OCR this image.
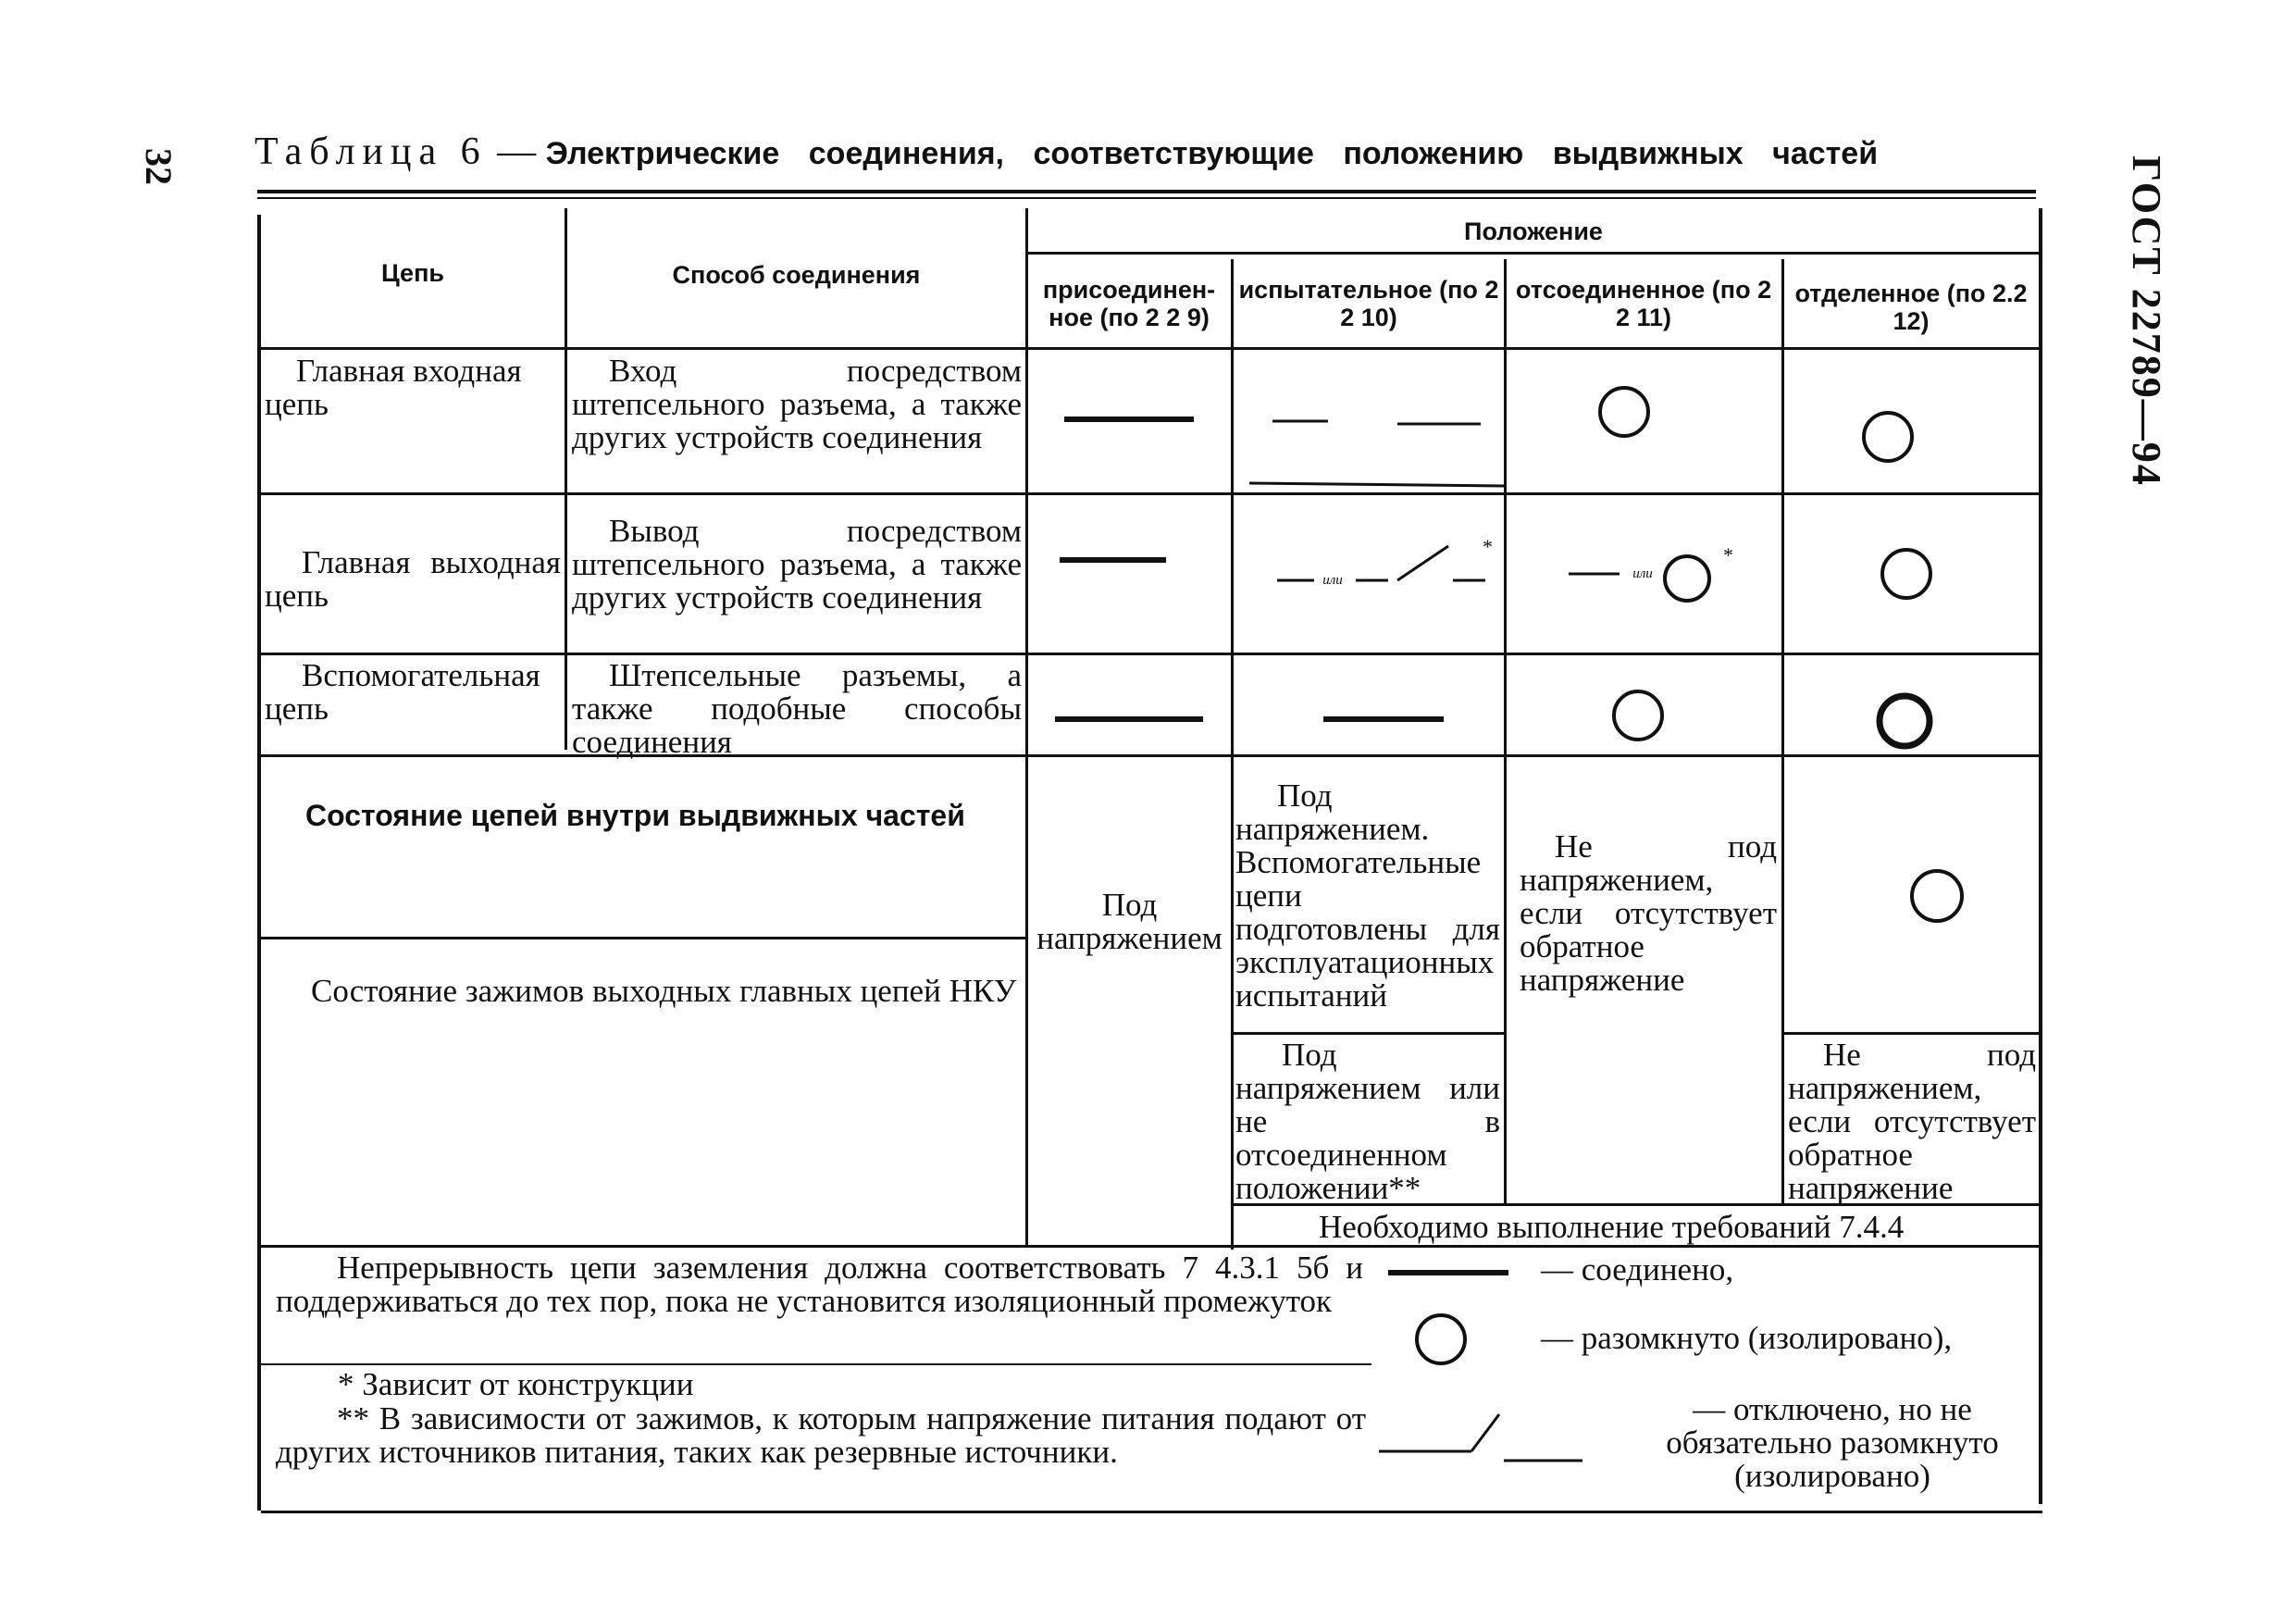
32	ГОСТ 22789—94
Таблица 6 — Электрические соединения, соответствующие положению выдвижных частей
Цепь	Способ соединения
Положение
присоединен-ное (по 2 2 9)
испытательное (по 2 2 10)
отсоединенное (по 2 2 11)
отделенное (по 2.2 12)
Главная входная цепь
Вход посредством штепсельного разъема, а также других устройств соединения
Главная выходная цепь
Вывод посредством штепсельного разъема, а также других устройств соединения
Вспомогательная цепь
Штепсельные разъемы, а также подобные способы соединения
или
*
или
*
Состояние цепей внутри выдвижных частей
Состояние зажимов выходных главных цепей НКУ
Под напряжением
Под напряжением. Вспомогательные цепи подготовлены для эксплуатационных испытаний
Не под напряжением, если отсутствует обратное напряжение
Под напряжением или не в отсоединенном положении**
Не под напряжением, если отсутствует обратное напряжение
Необходимо выполнение требований 7.4.4
Непрерывность цепи заземления должна соответствовать 7 4.3.1 5б и поддерживаться до тех пор, пока не установится изоляционный промежуток
* Зависит от конструкции
** В зависимости от зажимов, к которым напряжение питания подают от других источников питания, таких как резервные источники.
— соединено,
— разомкнуто (изолировано),
— отключено, но не обязательно разомкнуто (изолировано)
